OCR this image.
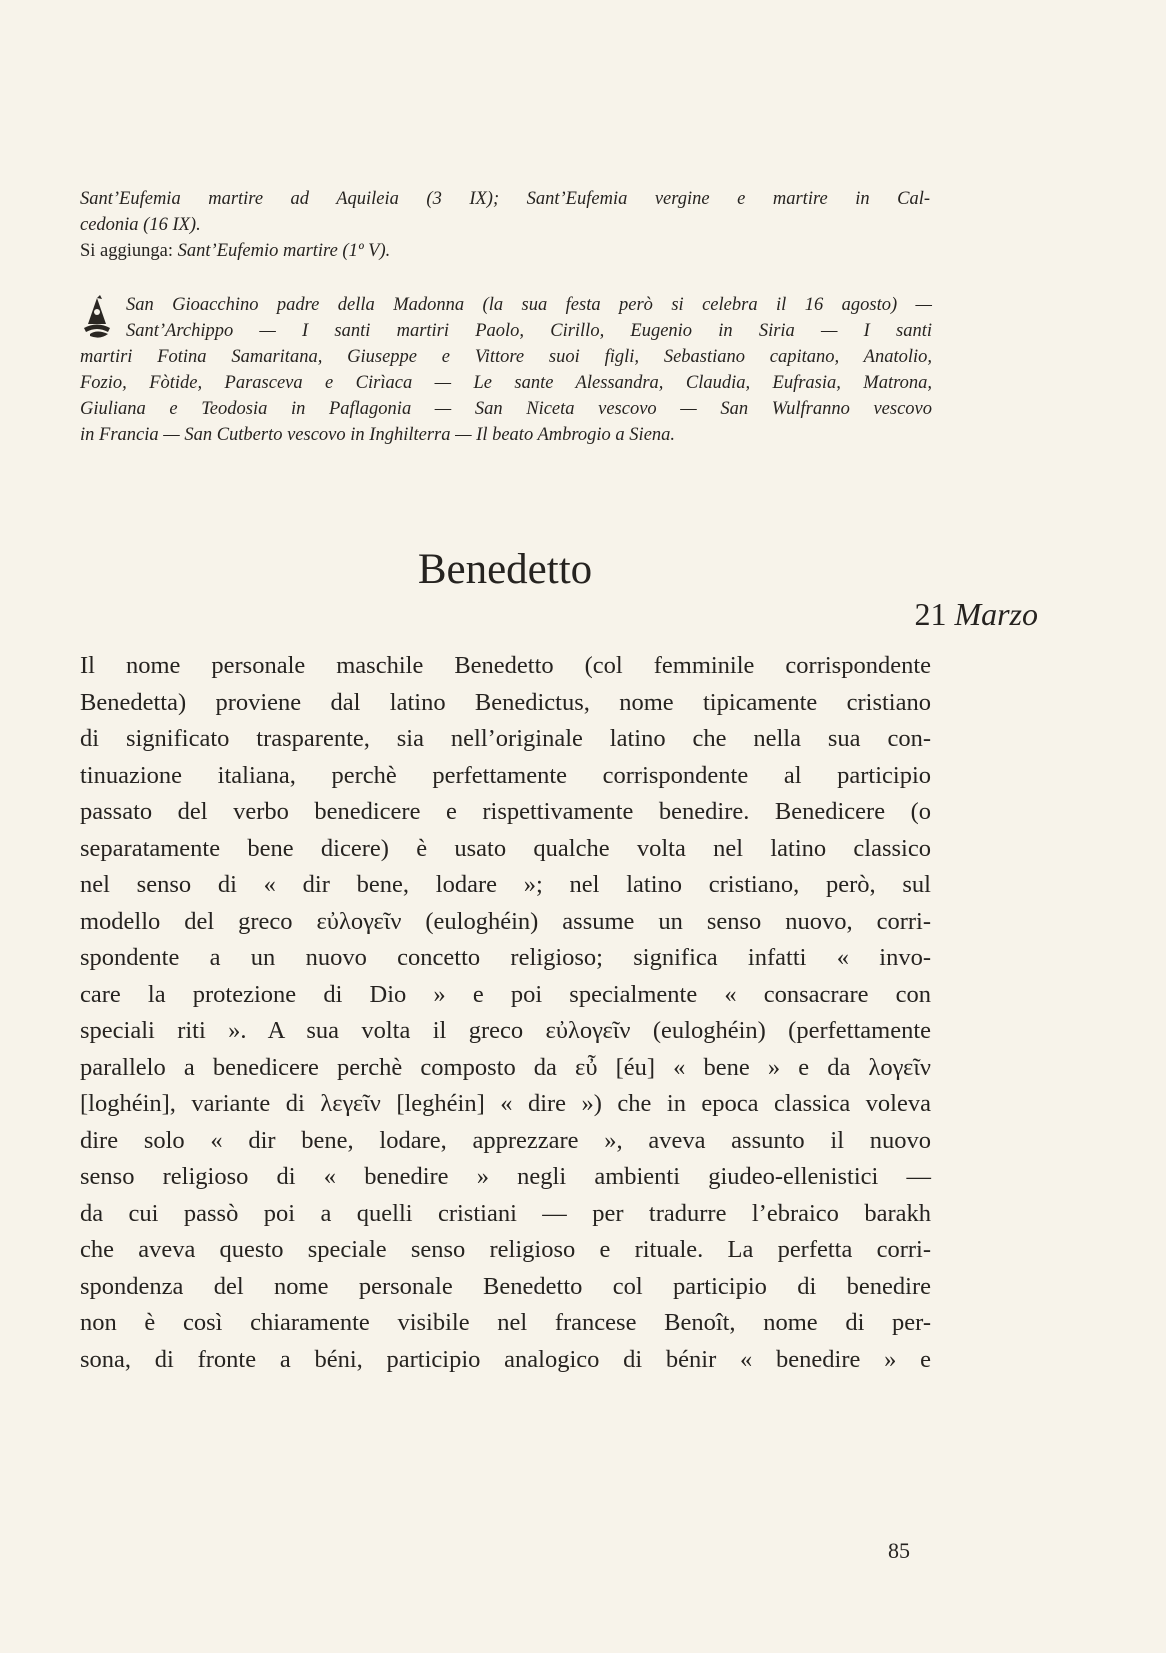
Sant’Eufemia martire ad Aquileia (3 IX); Sant’Eufemia vergine e martire in Cal-

cedonia (16 IX).

Si aggiunga: Sant’Eufemio martire (1º V).

San Gioacchino padre della Madonna (la sua festa però si celebra il 16 agosto) —

Sant’Archippo — I santi martiri Paolo, Cirillo, Eugenio in Siria — I santi

martiri Fotina Samaritana, Giuseppe e Vittore suoi figli, Sebastiano capitano, Anatolio,

Fozio, Fòtide, Parasceva e Cirìaca — Le sante Alessandra, Claudia, Eufrasia, Matrona,

Giuliana e Teodosia in Paflagonia — San Niceta vescovo — San Wulfranno vescovo

in Francia — San Cutberto vescovo in Inghilterra — Il beato Ambrogio a Siena.

Benedetto
21 Marzo

Il nome personale maschile Benedetto (col femminile corrispondente

Benedetta) proviene dal latino Benedictus, nome tipicamente cristiano

di significato trasparente, sia nell’originale latino che nella sua con-

tinuazione italiana, perchè perfettamente corrispondente al participio

passato del verbo benedicere e rispettivamente benedire. Benedicere (o

separatamente bene dicere) è usato qualche volta nel latino classico

nel senso di « dir bene, lodare »; nel latino cristiano, però, sul

modello del greco εὐλογεῖν (euloghéin) assume un senso nuovo, corri-

spondente a un nuovo concetto religioso; significa infatti « invo-

care la protezione di Dio » e poi specialmente « consacrare con

speciali riti ». A sua volta il greco εὐλογεῖν (euloghéin) (perfettamente

parallelo a benedicere perchè composto da εὖ [éu] « bene » e da λογεῖν

[loghéin], variante di λεγεῖν [leghéin] « dire ») che in epoca classica voleva

dire solo « dir bene, lodare, apprezzare », aveva assunto il nuovo

senso religioso di « benedire » negli ambienti giudeo-ellenistici —

da cui passò poi a quelli cristiani — per tradurre l’ebraico barakh

che aveva questo speciale senso religioso e rituale. La perfetta corri-

spondenza del nome personale Benedetto col participio di benedire

non è così chiaramente visibile nel francese Benoît, nome di per-

sona, di fronte a béni, participio analogico di bénir « benedire » e

85
